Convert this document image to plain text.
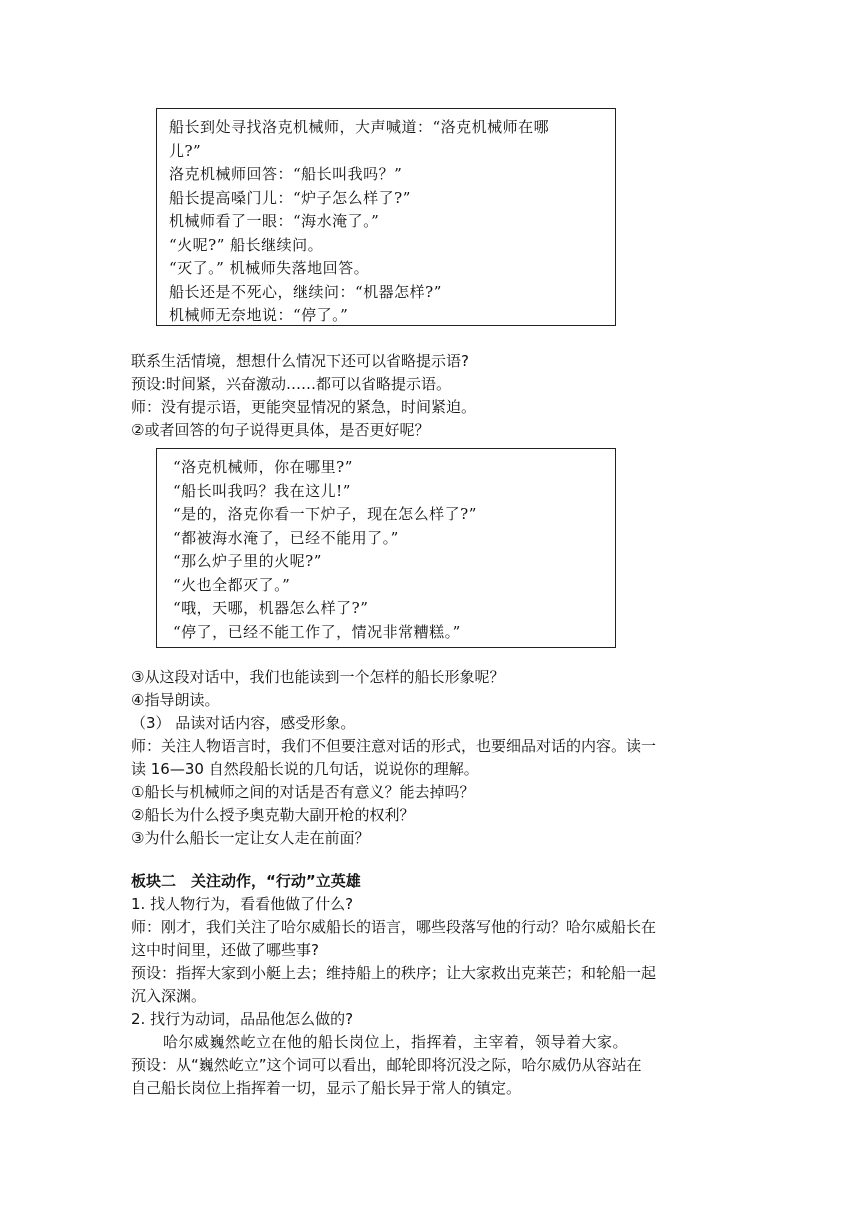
船长到处寻找洛克机械师，大声喊道：“洛克机械师在哪
儿?”
洛克机械师回答：“船长叫我吗？”
船长提高嗓门儿：“炉子怎么样了?”
机械师看了一眼：“海水淹了。”
“火呢?” 船长继续问。
“灭了。” 机械师失落地回答。
船长还是不死心，继续问：“机器怎样?”
机械师无奈地说：“停了。”
联系生活情境，想想什么情况下还可以省略提示语?
预设:时间紧，兴奋激动……都可以省略提示语。
师：没有提示语，更能突显情况的紧急，时间紧迫。
②或者回答的句子说得更具体，是否更好呢？
“洛克机械师，你在哪里?”
“船长叫我吗？我在这儿!”
“是的，洛克你看一下炉子，现在怎么样了?”
“都被海水淹了，已经不能用了。”
“那么炉子里的火呢?”
“火也全都灭了。”
“哦，天哪，机器怎么样了?”
“停了，已经不能工作了，情况非常糟糕。”
③从这段对话中，我们也能读到一个怎样的船长形象呢？
④指导朗读。
（3） 品读对话内容，感受形象。
师：关注人物语言时，我们不但要注意对话的形式，也要细品对话的内容。读一
读 16—30 自然段船长说的几句话，说说你的理解。
①船长与机械师之间的对话是否有意义？能去掉吗？
②船长为什么授予奥克勒大副开枪的权利？
③为什么船长一定让女人走在前面？
板块二　关注动作，“行动”立英雄
1. 找人物行为，看看他做了什么?
师：刚才，我们关注了哈尔威船长的语言，哪些段落写他的行动？哈尔威船长在
这中时间里，还做了哪些事?
预设：指挥大家到小艇上去；维持船上的秩序；让大家救出克莱芒；和轮船一起
沉入深渊。
2. 找行为动词，品品他怎么做的?
哈尔威巍然屹立在他的船长岗位上，指挥着，主宰着，领导着大家。
预设：从“巍然屹立”这个词可以看出，邮轮即将沉没之际，哈尔威仍从容站在
自己船长岗位上指挥着一切，显示了船长异于常人的镇定。
